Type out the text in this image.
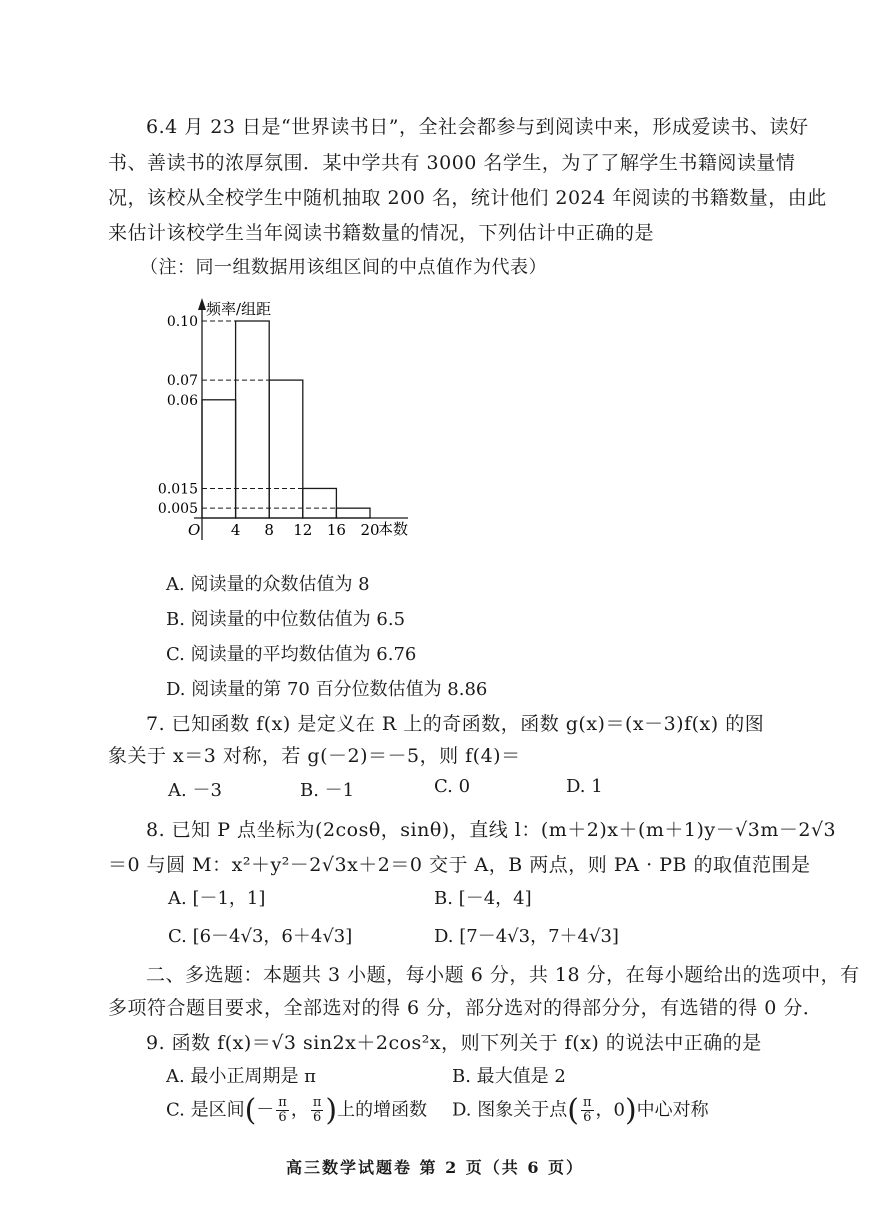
6.4 月 23 日是“世界读书日”，全社会都参与到阅读中来，形成爱读书、读好
书、善读书的浓厚氛围．某中学共有 3000 名学生，为了了解学生书籍阅读量情
况，该校从全校学生中随机抽取 200 名，统计他们 2024 年阅读的书籍数量，由此
来估计该校学生当年阅读书籍数量的情况，下列估计中正确的是
（注：同一组数据用该组区间的中点值作为代表）
频率/组距
本数
O
0.10
0.07
0.06
0.015
0.005
4 8 12 16 20
A. 阅读量的众数估值为 8
B. 阅读量的中位数估值为 6.5
C. 阅读量的平均数估值为 6.76
D. 阅读量的第 70 百分位数估值为 8.86
7. 已知函数 f(x) 是定义在 R 上的奇函数，函数 g(x)＝(x－3)f(x) 的图
象关于 x＝3 对称，若 g(－2)＝－5，则 f(4)＝
A. －3	B. －1	C. 0	D. 1
8. 已知 P 点坐标为(2cosθ，sinθ)，直线 l：(m＋2)x＋(m＋1)y－√3m－2√3
＝0 与圆 M：x²＋y²－2√3x＋2＝0 交于 A，B 两点，则 PA · PB 的取值范围是
A. [－1，1]	B. [－4，4]
C. [6－4√3，6＋4√3]	D. [7－4√3，7＋4√3]
二、多选题：本题共 3 小题，每小题 6 分，共 18 分，在每小题给出的选项中，有
多项符合题目要求，全部选对的得 6 分，部分选对的得部分分，有选错的得 0 分．
9. 函数 f(x)＝√3 sin2x＋2cos²x，则下列关于 f(x) 的说法中正确的是
A. 最小正周期是 π	B. 最大值是 2
C. 是区间(－ $\frac{\pi}{6}$ ， $\frac{\pi}{6}$ )上的增函数 D. 图象关于点( $\frac{\pi}{6}$ ，0)中心对称
高三数学试题卷 第 2 页（共 6 页）
